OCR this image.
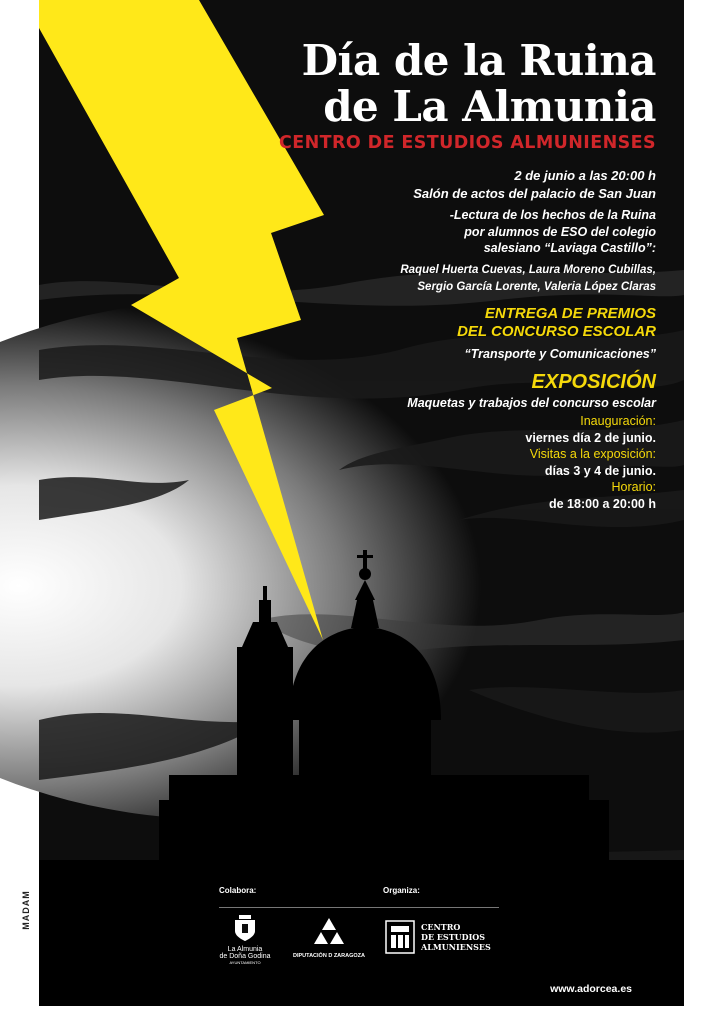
Día de la Ruina
de La Almunia
CENTRO DE ESTUDIOS ALMUNIENSES
2 de junio a las 20:00 h
Salón de actos del palacio de San Juan
-Lectura de los hechos de la Ruina
por alumnos de ESO del colegio
salesiano “Laviaga Castillo”:
Raquel Huerta Cuevas, Laura Moreno Cubillas,
Sergio García Lorente, Valeria López Claras
ENTREGA DE PREMIOS
DEL CONCURSO ESCOLAR
“Transporte y Comunicaciones”
EXPOSICIÓN
Maquetas y trabajos del concurso escolar
Inauguración:
viernes día 2 de junio.
Visitas a la exposición:
días 3 y 4 de junio.
Horario:
de 18:00 a 20:00 h
Colabora:	Organiza:
La Almunia
de Doña Godina
AYUNTAMIENTO
DIPUTACIÓN D ZARAGOZA
CENTRO
DE ESTUDIOS
ALMUNIENSES
www.adorcea.es
2023
MADAM
